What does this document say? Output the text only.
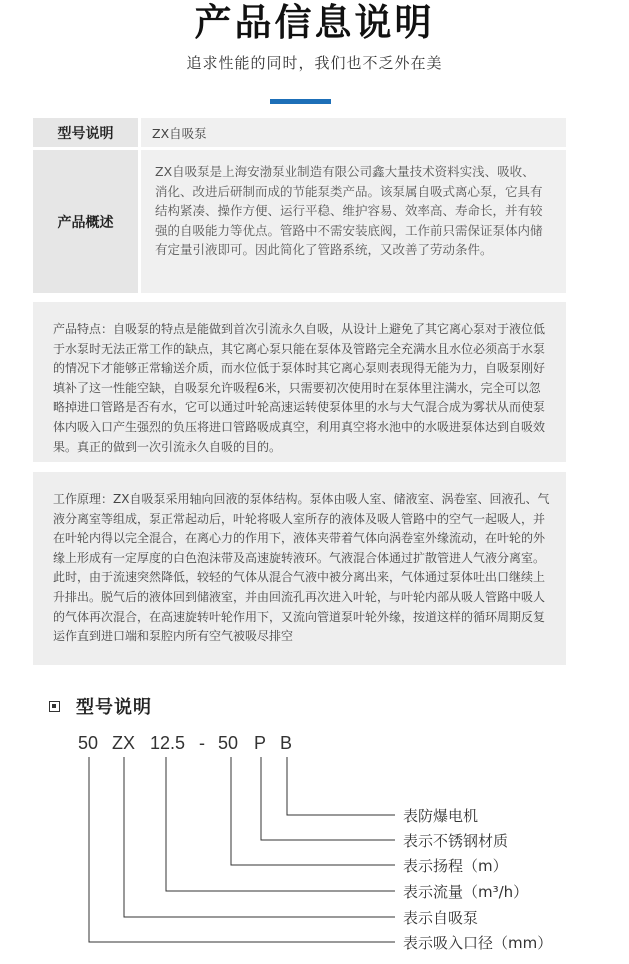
产品信息说明
追求性能的同时，我们也不乏外在美
型号说明	ZX自吸泵
产品概述
ZX自吸泵是上海安渤泵业制造有限公司鑫大量技术资料实浅、吸收、消化、改进后研制而成的节能泵类产品。该泵属自吸式离心泵，它具有结构紧凑、操作方便、运行平稳、维护容易、效率高、寿命长，并有较强的自吸能力等优点。管路中不需安装底阀，工作前只需保证泵体内储有定量引液即可。因此简化了管路系统，又改善了劳动条件。
产品特点：自吸泵的特点是能做到首次引流永久自吸，从设计上避免了其它离心泵对于液位低于水泵时无法正常工作的缺点，其它离心泵只能在泵体及管路完全充满水且水位必须高于水泵的情况下才能够正常输送介质，而水位低于泵体时其它离心泵则表现得无能为力，自吸泵刚好填补了这一性能空缺，自吸泵允许吸程6米，只需要初次使用时在泵体里注满水，完全可以忽略掉进口管路是否有水，它可以通过叶轮高速运转使泵体里的水与大气混合成为雾状从而使泵体内吸入口产生强烈的负压将进口管路吸成真空，利用真空将水池中的水吸进泵体达到自吸效果。真正的做到一次引流永久自吸的目的。
工作原理：ZX自吸泵采用轴向回液的泵体结构。泵体由吸人室、储液室、涡卷室、回液孔、气液分离室等组成，泵正常起动后，叶轮将吸人室所存的液体及吸人管路中的空气一起吸人，并在叶轮内得以完全混合，在离心力的作用下，液体夹带着气体向涡卷室外缘流动，在叶轮的外缘上形成有一定厚度的白色泡沫带及高速旋转液环。气液混合体通过扩散管进人气液分离室。此时，由于流速突然降低，较轻的气体从混合气液中被分离出来，气体通过泵体吐出口继续上升排出。脱气后的液体回到储液室，并由回流孔再次进入叶轮，与叶轮内部从吸人管路中吸人的气体再次混合，在高速旋转叶轮作用下，又流向管道泵叶轮外缘，按道这样的循环周期反复运作直到进口端和泵腔内所有空气被吸尽排空
型号说明
50 ZX 12.5 - 50 P B
表防爆电机
表示不锈钢材质
表示扬程（m）
表示流量（m³/h）
表示自吸泵
表示吸入口径（mm）
